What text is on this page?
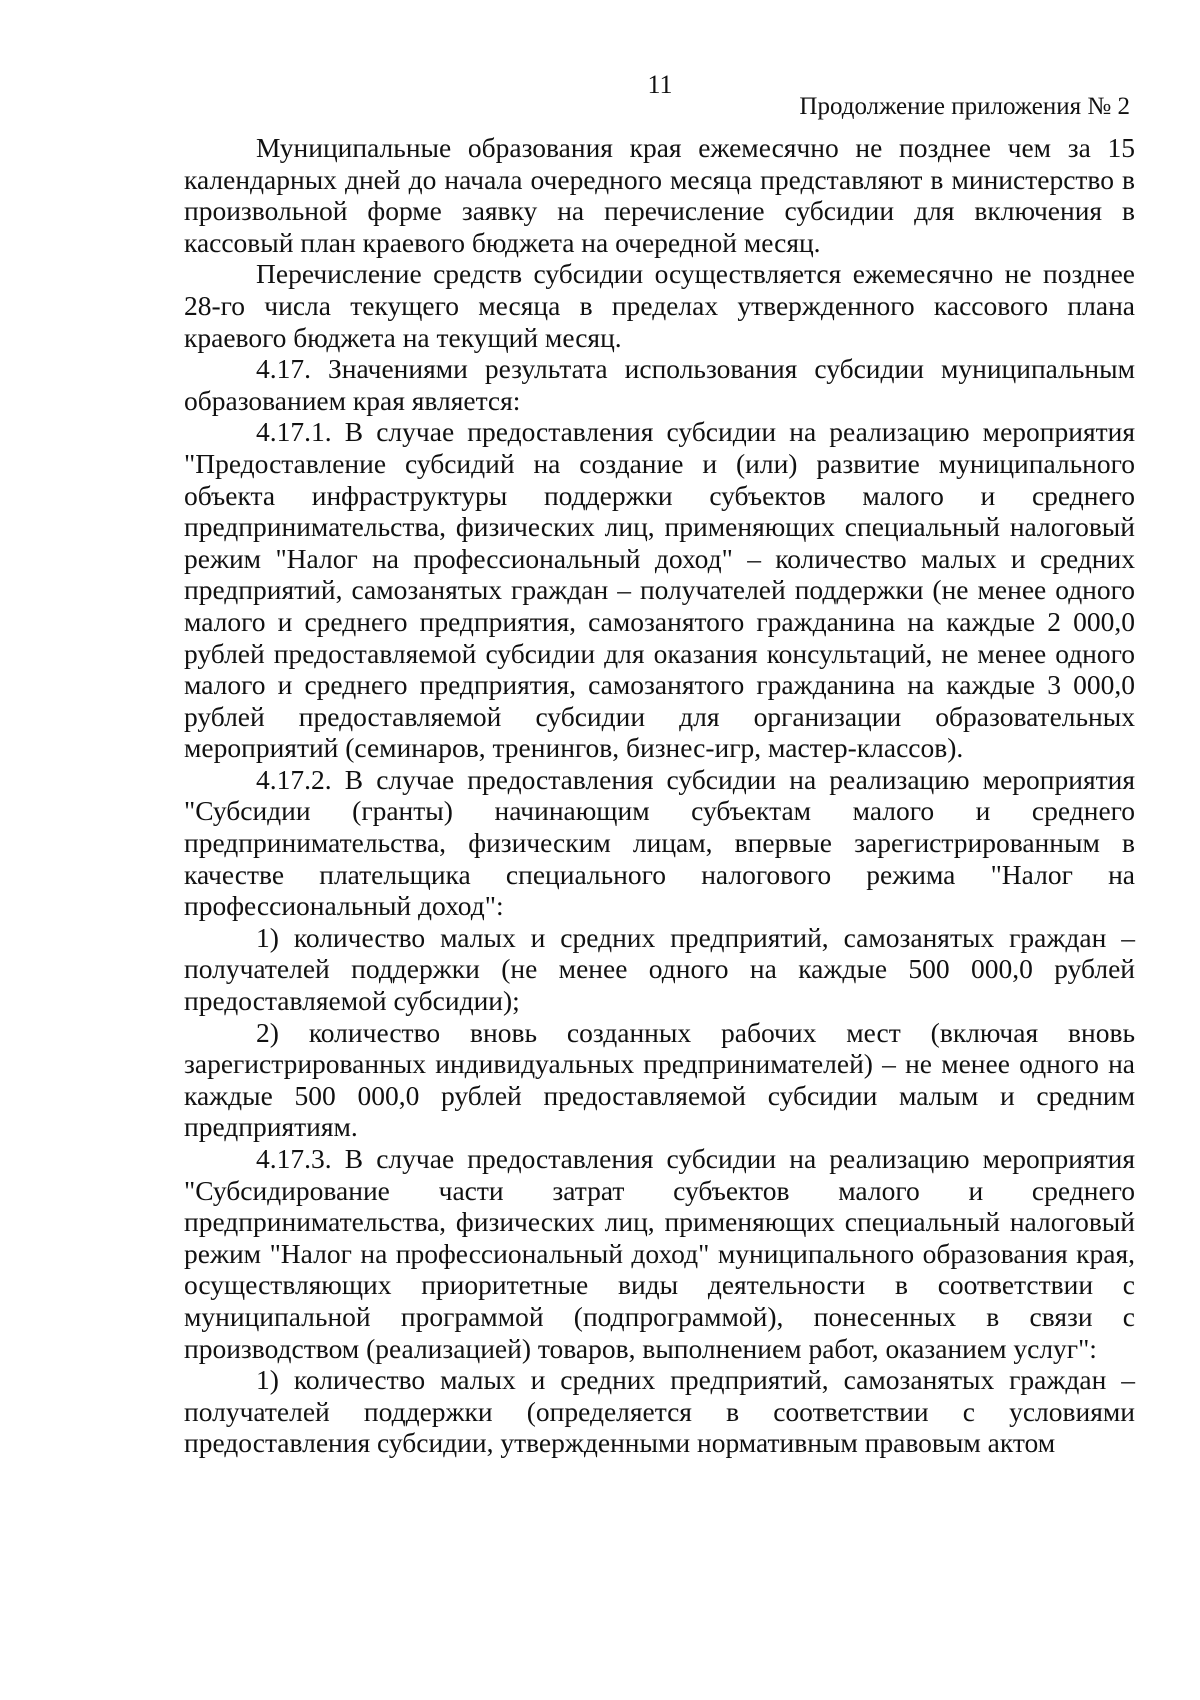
11
Продолжение приложения № 2

Муниципальные образования края ежемесячно не позднее чем за 15 календарных дней до начала очередного месяца представляют в министерство в произвольной форме заявку на перечисление субсидии для включения в кассовый план краевого бюджета на очередной месяц.

Перечисление средств субсидии осуществляется ежемесячно не позднее 28-го числа текущего месяца в пределах утвержденного кассового плана краевого бюджета на текущий месяц.

4.17. Значениями результата использования субсидии муниципальным образованием края является:

4.17.1. В случае предоставления субсидии на реализацию мероприятия "Предоставление субсидий на создание и (или) развитие муниципального объекта инфраструктуры поддержки субъектов малого и среднего предпринимательства, физических лиц, применяющих специальный налоговый режим "Налог на профессиональный доход" – количество малых и средних предприятий, самозанятых граждан – получателей поддержки (не менее одного малого и среднего предприятия, самозанятого гражданина на каждые 2 000,0 рублей предоставляемой субсидии для оказания консультаций, не менее одного малого и среднего предприятия, самозанятого гражданина на каждые 3 000,0 рублей предоставляемой субсидии для организации образовательных мероприятий (семинаров, тренингов, бизнес-игр, мастер-классов).

4.17.2. В случае предоставления субсидии на реализацию мероприятия "Субсидии (гранты) начинающим субъектам малого и среднего предпринимательства, физическим лицам, впервые зарегистрированным в качестве плательщика специального налогового режима "Налог на профессиональный доход":

1) количество малых и средних предприятий, самозанятых граждан – получателей поддержки (не менее одного на каждые 500 000,0 рублей предоставляемой субсидии);

2) количество вновь созданных рабочих мест (включая вновь зарегистрированных индивидуальных предпринимателей) – не менее одного на каждые 500 000,0 рублей предоставляемой субсидии малым и средним предприятиям.

4.17.3. В случае предоставления субсидии на реализацию мероприятия "Субсидирование части затрат субъектов малого и среднего предпринимательства, физических лиц, применяющих специальный налоговый режим "Налог на профессиональный доход" муниципального образования края, осуществляющих приоритетные виды деятельности в соответствии с муниципальной программой (подпрограммой), понесенных в связи с производством (реализацией) товаров, выполнением работ, оказанием услуг":

1) количество малых и средних предприятий, самозанятых граждан – получателей поддержки (определяется в соответствии с условиями предоставления субсидии, утвержденными нормативным правовым актом
